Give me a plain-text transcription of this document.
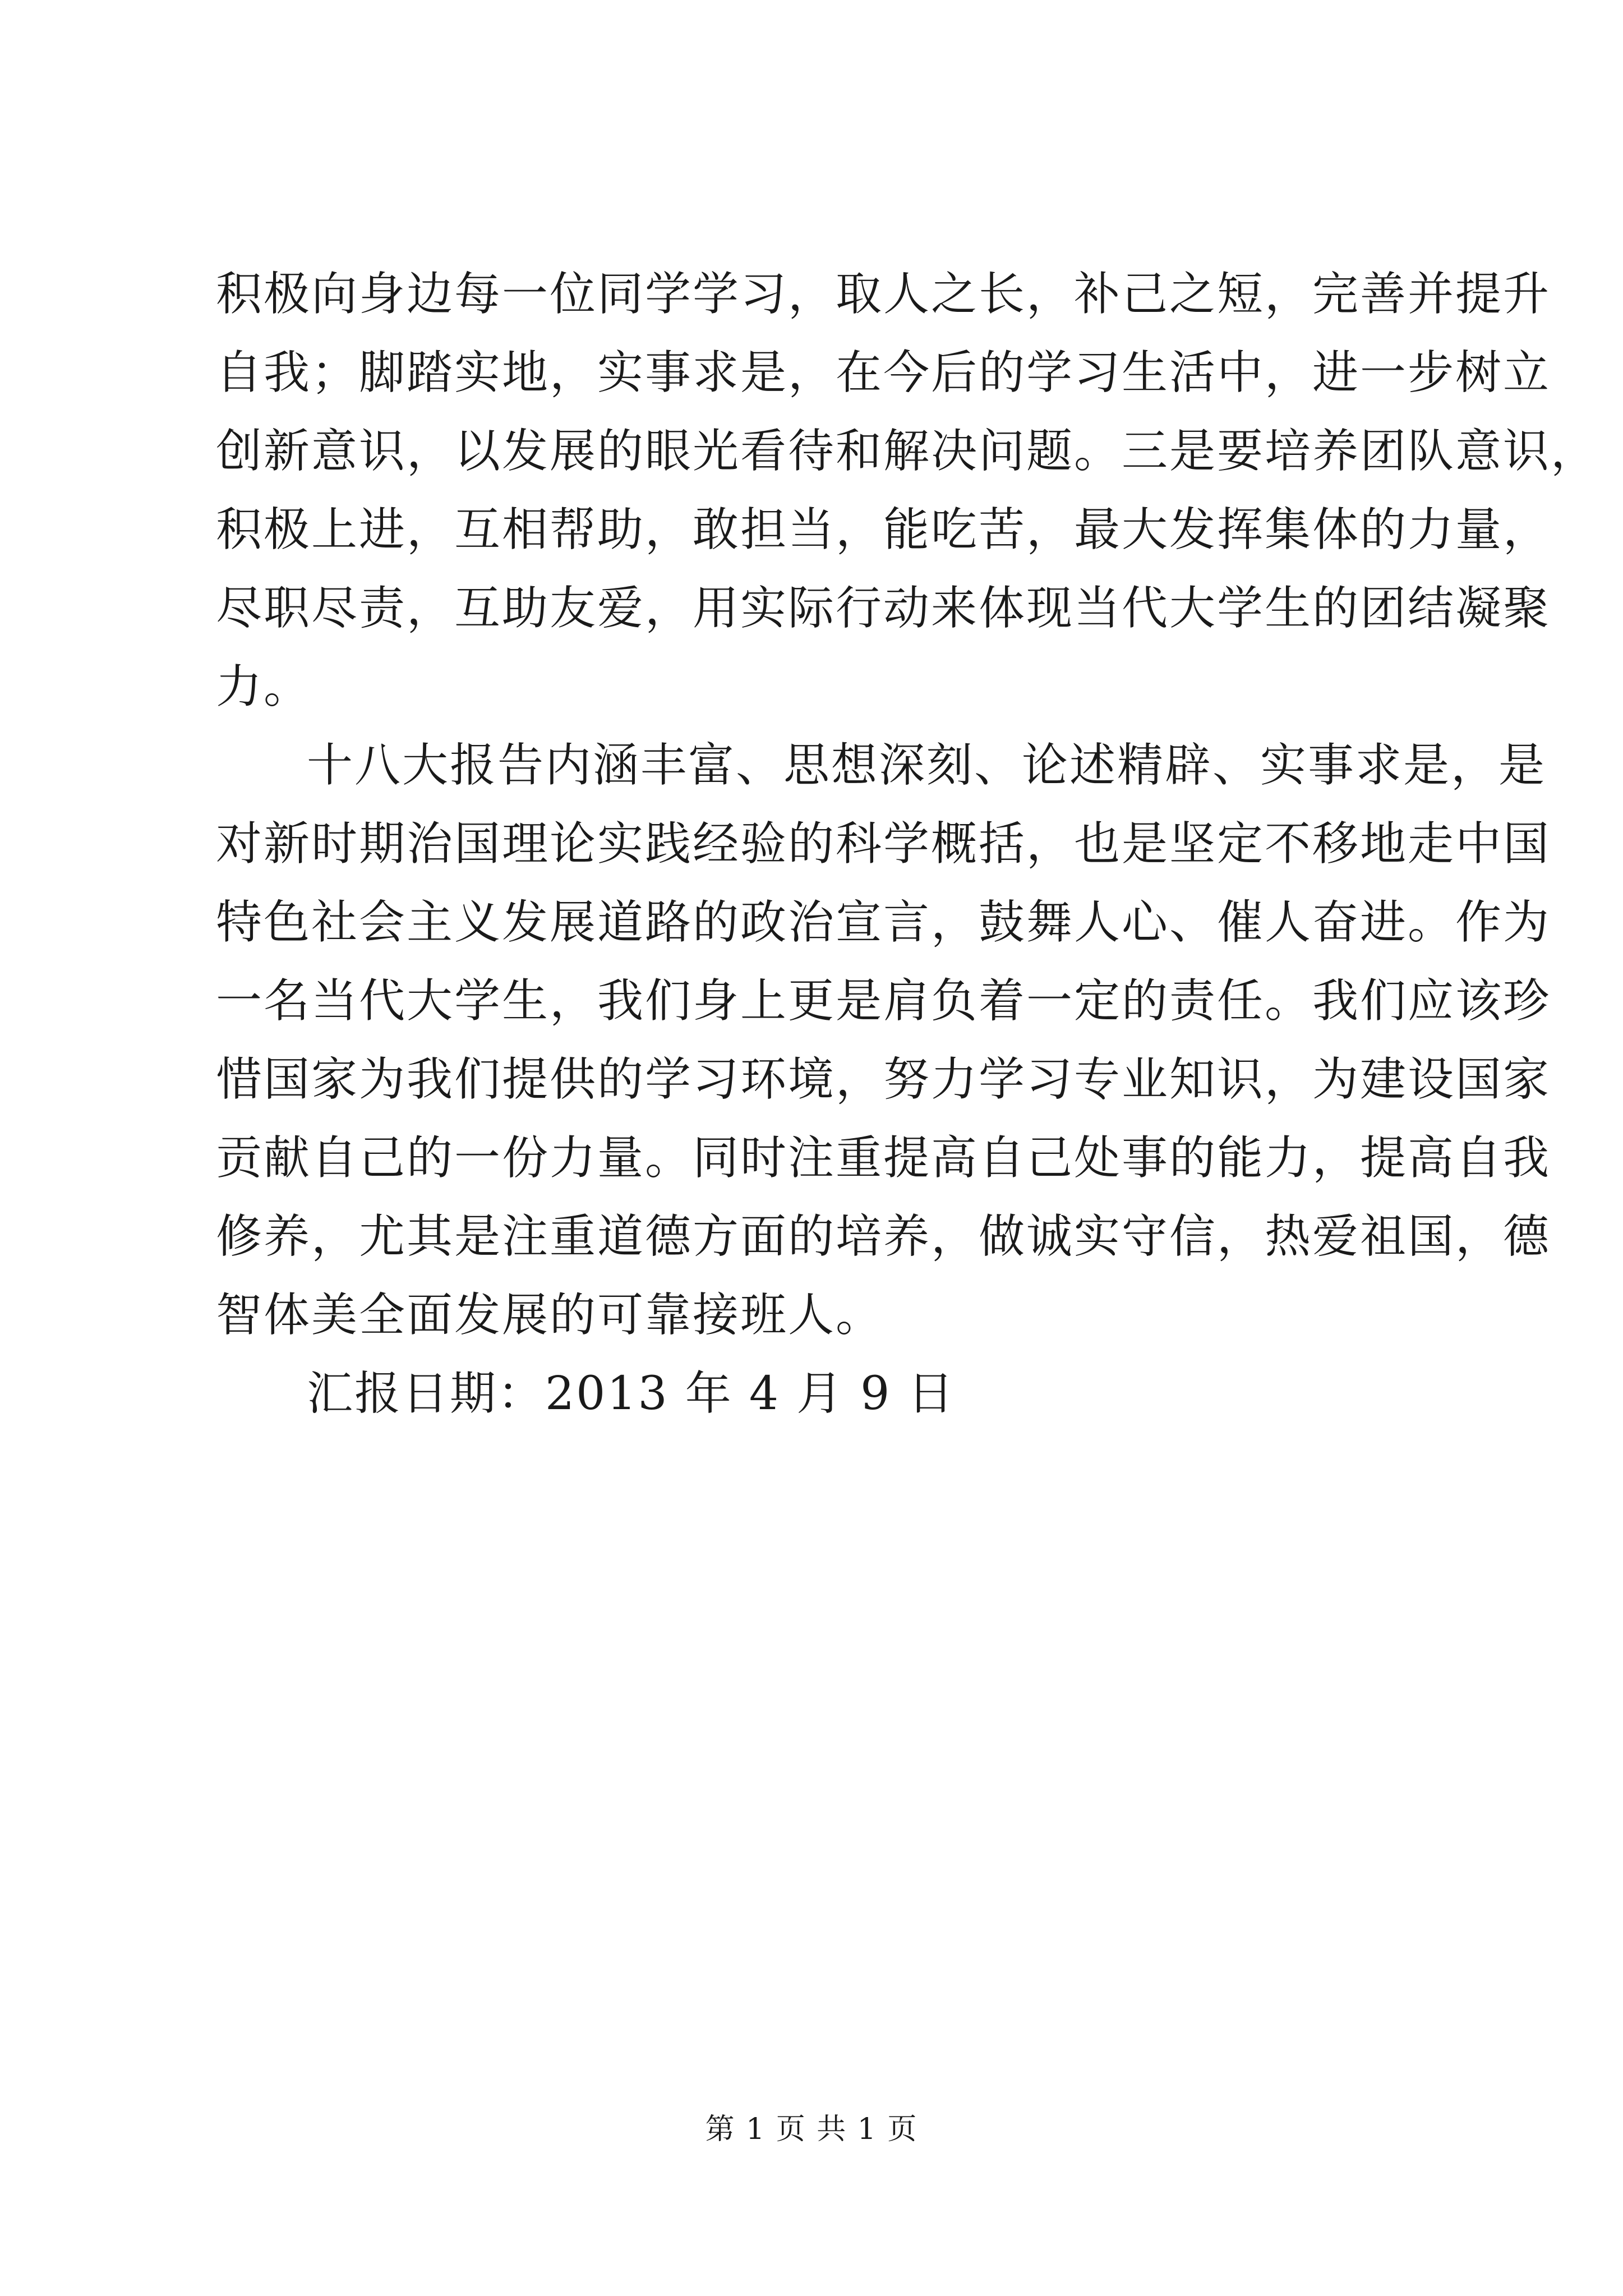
积极向身边每一位同学学习，取人之长，补己之短，完善并提升
自我；脚踏实地，实事求是，在今后的学习生活中，进一步树立
创新意识，以发展的眼光看待和解决问题。三是要培养团队意识，
积极上进，互相帮助，敢担当，能吃苦，最大发挥集体的力量，
尽职尽责，互助友爱，用实际行动来体现当代大学生的团结凝聚
力。
十八大报告内涵丰富、思想深刻、论述精辟、实事求是，是
对新时期治国理论实践经验的科学概括，也是坚定不移地走中国
特色社会主义发展道路的政治宣言，鼓舞人心、催人奋进。作为
一名当代大学生，我们身上更是肩负着一定的责任。我们应该珍
惜国家为我们提供的学习环境，努力学习专业知识，为建设国家
贡献自己的一份力量。同时注重提高自己处事的能力，提高自我
修养，尤其是注重道德方面的培养，做诚实守信，热爱祖国，德
智体美全面发展的可靠接班人。
汇报日期：2013 年 4 月 9 日
第 1 页 共 1 页
